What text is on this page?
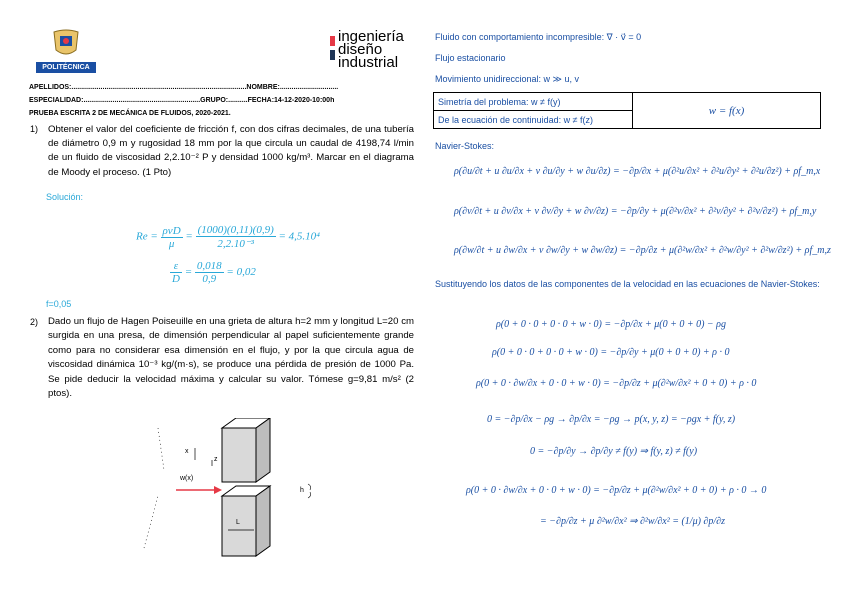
POLITÉCNICA
ingeniería
diseño
industrial
APELLIDOS:..........................................................................................NOMBRE:..............................
ESPECIALIDAD:............................................................GRUPO:..........FECHA:14-12-2020-10:00h
PRUEBA ESCRITA 2 DE MECÁNICA DE FLUIDOS, 2020-2021.
1) Obtener el valor del coeficiente de fricción f, con dos cifras decimales, de una tubería de diámetro 0,9 m y rugosidad 18 mm por la que circula un caudal de 4198,74 l/min de un fluido de viscosidad 2,2.10⁻² P y densidad 1000 kg/m³. Marcar en el diagrama de Moody el proceso. (1 Pto)
Solución:
$Re = \frac{\text{ρvD}}{\mu} = \frac{(1000)(0,11)(0,9)}{\text{2,2.10⁻³}} = 4,5.10^4$
$\frac{\varepsilon}{D} = \frac{0,018}{0,9} = 0,02$
f=0,05
2) Dado un flujo de Hagen Poiseuille en una grieta de altura h=2 mm y longitud L=20 cm surgida en una presa, de dimensión perpendicular al papel suficientemente grande como para no considerar esa dimensión en el flujo, y por la que circula agua de viscosidad dinámica 10⁻³ kg/(m·s), se produce una pérdida de presión de 1000 Pa. Se pide deducir la velocidad máxima y calcular su valor. Tómese g=9,81 m/s² (2 ptos).
x
z
w(x)
h
L
Fluido con comportamiento incompresible: ∇ · v⃗ = 0
Flujo estacionario
Movimiento unidireccional: w ≫ u, v
Simetría del problema: w ≠ f(y)	w = f(x)
De la ecuación de continuidad: w ≠ f(z)
Navier-Stokes:
ρ(∂u/∂t + u ∂u/∂x + v ∂u/∂y + w ∂u/∂z) = −∂p/∂x + μ(∂²u/∂x² + ∂²u/∂y² + ∂²u/∂z²) + ρf_m,x
ρ(∂v/∂t + u ∂v/∂x + v ∂v/∂y + w ∂v/∂z) = −∂p/∂y + μ(∂²v/∂x² + ∂²v/∂y² + ∂²v/∂z²) + ρf_m,y
ρ(∂w/∂t + u ∂w/∂x + v ∂w/∂y + w ∂w/∂z) = −∂p/∂z + μ(∂²w/∂x² + ∂²w/∂y² + ∂²w/∂z²) + ρf_m,z
Sustituyendo los datos de las componentes de la velocidad en las ecuaciones de Navier-Stokes:
ρ(0 + 0 · 0 + 0 · 0 + w · 0) = −∂p/∂x + μ(0 + 0 + 0) − ρg
ρ(0 + 0 · 0 + 0 · 0 + w · 0) = −∂p/∂y + μ(0 + 0 + 0) + ρ · 0
ρ(0 + 0 · ∂w/∂x + 0 · 0 + w · 0) = −∂p/∂z + μ(∂²w/∂x² + 0 + 0) + ρ · 0
0 = −∂p/∂x − ρg → ∂p/∂x = −ρg → p(x, y, z) = −ρgx + f(y, z)
0 = −∂p/∂y → ∂p/∂y ≠ f(y) ⇒ f(y, z) ≠ f(y)
ρ(0 + 0 · ∂w/∂x + 0 · 0 + w · 0) = −∂p/∂z + μ(∂²w/∂x² + 0 + 0) + ρ · 0 → 0
= −∂p/∂z + μ ∂²w/∂x² ⇒ ∂²w/∂x² = (1/μ) ∂p/∂z
